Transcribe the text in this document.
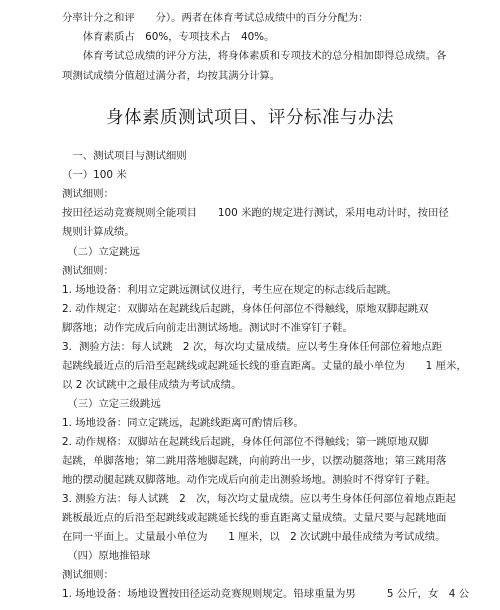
分率计分之和评　　分）。两者在体育考试总成绩中的百分分配为：
　　体育素质占　60%，专项技术占　40%。
　　体育考试总成绩的评分方法，将身体素质和专项技术的总分相加即得总成绩。各
项测试成绩分值超过满分者，均按其满分计算。
身体素质测试项目、评分标准与办法
　一、测试项目与测试细则
（一）100 米
测试细则：
按田径运动竞赛规则全能项目　　100 米跑的规定进行测试，采用电动计时，按田径
规则计算成绩。
　（二）立定跳远
测试细则：
1. 场地设备：利用立定跳远测试仪进行，考生应在规定的标志线后起跳。
2. 动作规定：双脚站在起跳线后起跳，身体任何部位不得触线，原地双脚起跳双
脚落地；动作完成后向前走出测试场地。测试时不准穿钉子鞋。
3．测验方法：每人试跳　2 次，每次均丈量成绩。应以考生身体任何部位着地点距
起跳线最近点的后沿至起跳线或起跳延长线的垂直距离。丈量的最小单位为　　1 厘米，
以 2 次试跳中之最佳成绩为考试成绩。
　（三）立定三级跳远
1. 场地设备：同立定跳远，起跳线距离可酌情后移。
2. 动作规格：双脚站在起跳线后起跳，身体任何部位不得触线；第一跳原地双脚
起跳，单脚落地；第二跳用落地脚起跳，向前跨出一步，以摆动腿落地；第三跳用落
地的摆动腿起跳双脚落地。动作完成后向前走出测验场地。测验时不得穿钉子鞋。
3. 测验方法：每人试跳　2　次，每次均丈量成绩。应以考生身体任何部位着地点距起
跳板最近点的后沿至起跳线或起跳延长线的垂直距离丈量成绩。丈量尺要与起跳地面
在同一平面上。丈量最小单位为　　1 厘米，以　2 次试跳中最佳成绩为考试成绩。
　（四）原地推铅球
测试细则：
1. 场地设备：场地设置按田径运动竞赛规则规定。铅球重量为男　　　5 公斤，女　4 公
